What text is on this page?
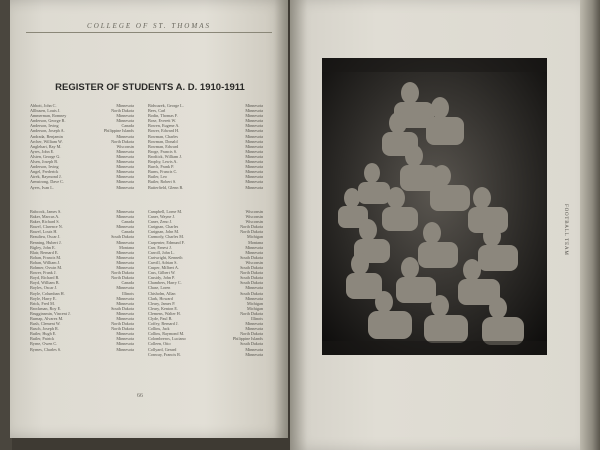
COLLEGE OF ST. THOMAS
REGISTER OF STUDENTS A. D. 1910-1911
Abbott, John C.	Minnesota
Allhusen, Louis J.	North Dakota
Ammerman, Romney	Minnesota
Anderson, George R.	Minnesota
Anderson, Irving	Canada
Anderson, Joseph A.	Philippine Islands
Andrada, Benjamin	Minnesota
Archer, William W.	North Dakota
Anglehart, Ray M.	Wisconsin
Ayres, John E.	Minnesota
Alsten, George G.	Minnesota
Alsen, Joseph B.	Minnesota
Anderson, Irving	Minnesota
Angel, Frederick	Minnesota
Atrek, Raymond J.	Minnesota
Armstrong, Dave C.	Minnesota
Ayers, Ivan L.	Minnesota
Bidwazek, George L.	Minnesota
Bees, Carl	Minnesota
Bodin, Thomas F.	Minnesota
Bose, Everett W.	Minnesota
Bowen, Eugene A.	Minnesota
Bower, Edward H.	Minnesota
Bowman, Charles	Minnesota
Bowman, Donald	Minnesota
Bowman, Edward	Minnesota
Broge, Francis S.	Minnesota
Brodtick, William J.	Minnesota
Brophy, Lewis A.	Minnesota
Burch, Frank P.	Minnesota
Burns, Francis C.	Minnesota
Butler, Leo	Minnesota
Butler, Robert S.	Minnesota
Butterfield, Glenn B.	Minnesota
Babcock, James S.	Minnesota
Baker, Marcus A.	Minnesota
Baker, Richard S.	Canada
Bawel, Clarence N.	Minnesota
Bawel, Louis H.	Canada
Beaulieu, Oscar J.	South Dakota
Benning, Hubert J.	Minnesota
Bigley, John E.	Montana
Blair, Bernard E.	Minnesota
Bohan, Francis M.	Minnesota
Bohan, William J.	Minnesota
Bohmer, Oswin M.	Minnesota
Bower, Frank J.	North Dakota
Boyd, Richard B.	North Dakota
Boyd, William B.	Canada
Boyles, Oscar J.	Minnesota
Boyle, Columban H.	Illinois
Boyle, Harry E.	Minnesota
Brick, Fred M.	Minnesota
Brockman, Roy E.	South Dakota
Brugginsmin, Vincent J.	Minnesota
Burnap, Alvarez M.	Minnesota
Bush, Clement W.	North Dakota
Busch, Joseph R.	North Dakota
Butler, Hugh E.	Minnesota
Butler, Patrick	Minnesota
Byrne, Owen C.	Minnesota
Byrnes, Charles S.	Minnesota
Campbell, Lorne M.	Wisconsin
Caner, Wayne J.	Wisconsin
Caner, Zeno J.	Wisconsin
Carignan, Charles	North Dakota
Carignan, John M.	North Dakota
Carmody, Charles M.	Michigan
Carpenter, Edmund F.	Montana
Carr, Ernest J.	Minnesota
Carroll, John L.	Minnesota
Cartwright, Kenneth	South Dakota
Carvill, Adrian S.	Wisconsin
Casper, Milbert A.	South Dakota
Cass, Gilbert W.	North Dakota
Cassidy, John P.	South Dakota
Chambers, Harry C.	South Dakota
Chase, Loren	Minnesota
Chisholm, Allan	South Dakota
Clark, Howard	Minnesota
Cleary, James P.	Michigan
Cleary, Kenton E.	Michigan
Clemens, Walter H.	North Dakota
Clyde, Paul B.	Illinois
Coffey, Bernard J.	Minnesota
Collins, Jack	Minnesota
Collins, Raymond M.	North Dakota
Colombreros, Luciano	Philippine Islands
Colleen, Otto	South Dakota
Collyard, Gerard	Minnesota
Conway, Francis R.	Minnesota
66
FOOTBALL TEAM
